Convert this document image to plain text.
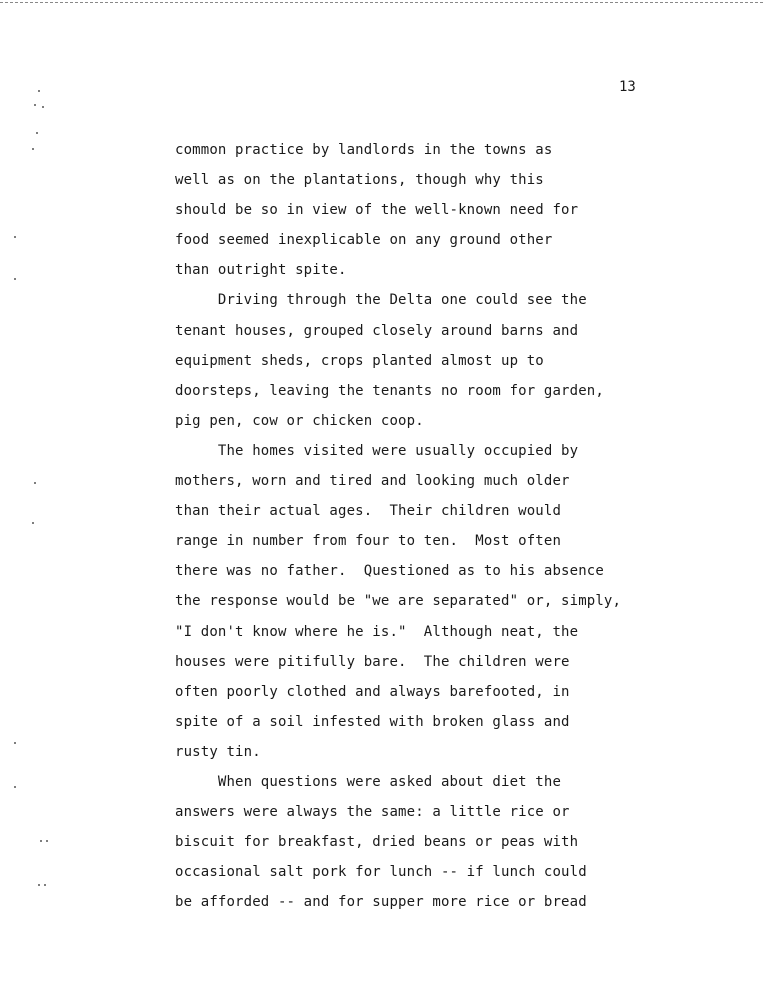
13
common practice by landlords in the towns as
well as on the plantations, though why this
should be so in view of the well-known need for
food seemed inexplicable on any ground other
than outright spite.
Driving through the Delta one could see the
tenant houses, grouped closely around barns and
equipment sheds, crops planted almost up to
doorsteps, leaving the tenants no room for garden,
pig pen, cow or chicken coop.
The homes visited were usually occupied by
mothers, worn and tired and looking much older
than their actual ages.  Their children would
range in number from four to ten.  Most often
there was no father.  Questioned as to his absence
the response would be "we are separated" or, simply,
"I don't know where he is."  Although neat, the
houses were pitifully bare.  The children were
often poorly clothed and always barefooted, in
spite of a soil infested with broken glass and
rusty tin.
When questions were asked about diet the
answers were always the same: a little rice or
biscuit for breakfast, dried beans or peas with
occasional salt pork for lunch -- if lunch could
be afforded -- and for supper more rice or bread
